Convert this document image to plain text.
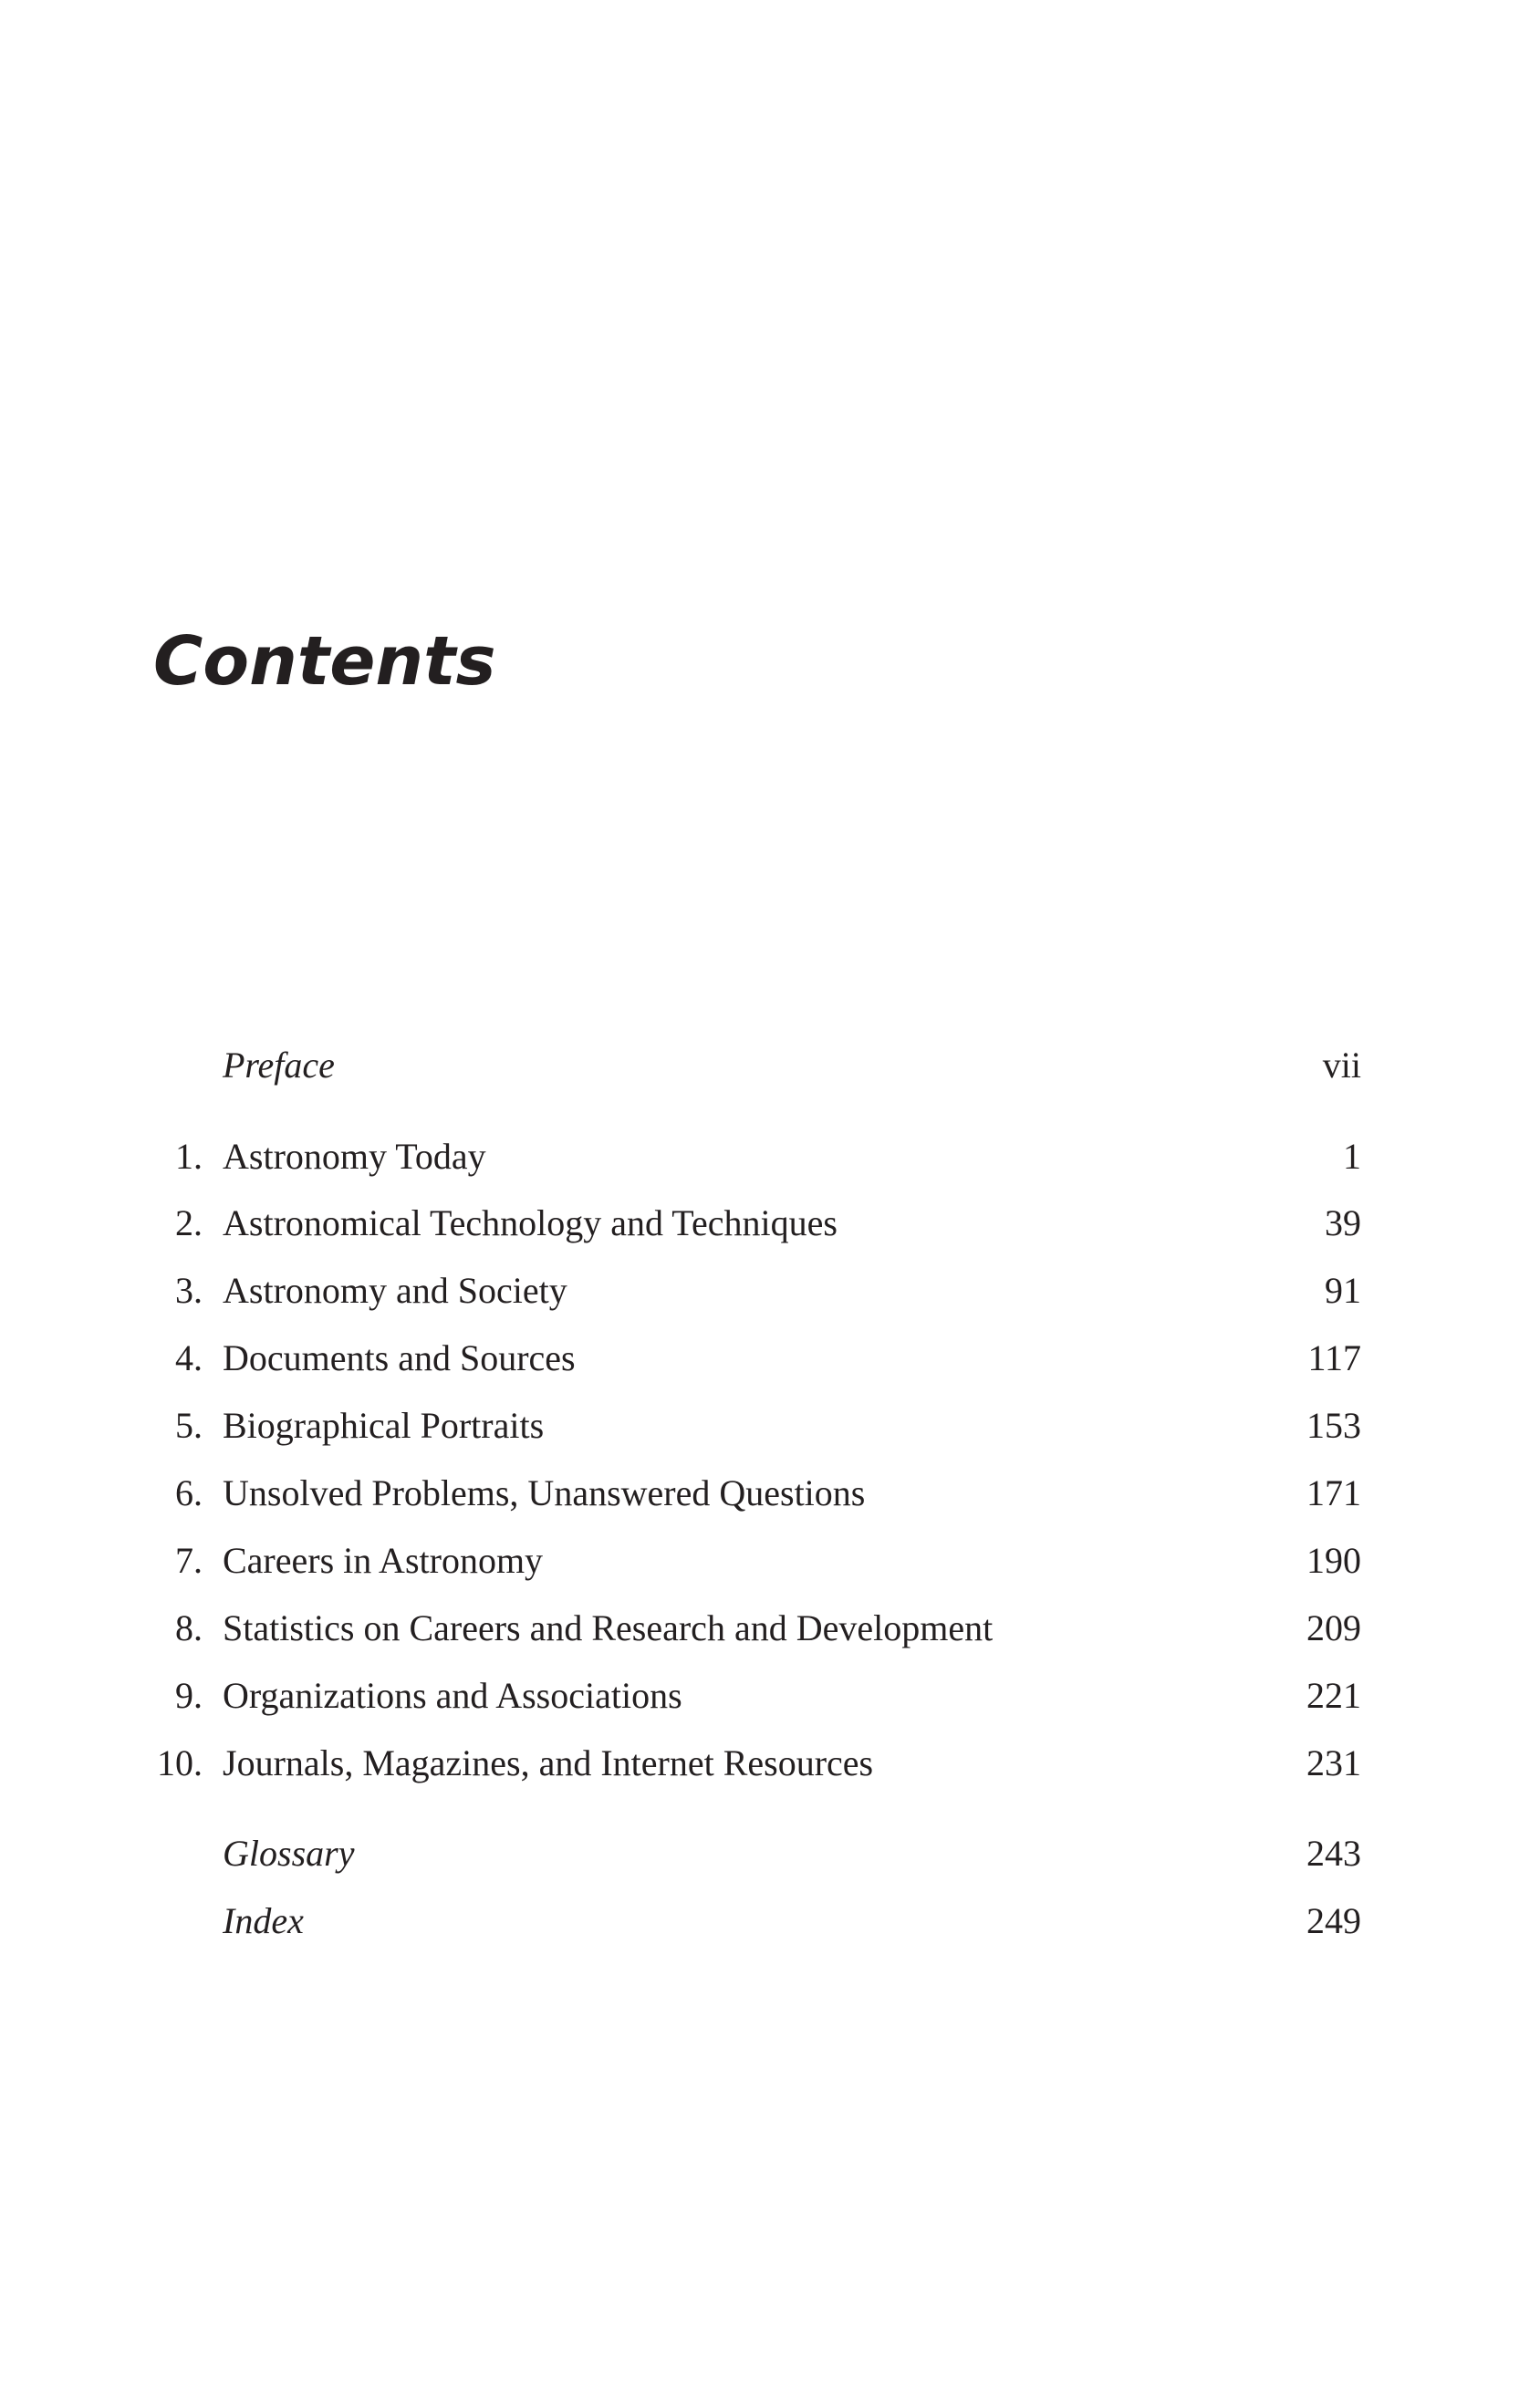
Contents
Preface	vii
1. Astronomy Today	1
2. Astronomical Technology and Techniques	39
3. Astronomy and Society	91
4. Documents and Sources	117
5. Biographical Portraits	153
6. Unsolved Problems, Unanswered Questions	171
7. Careers in Astronomy	190
8. Statistics on Careers and Research and Development	209
9. Organizations and Associations	221
10. Journals, Magazines, and Internet Resources	231
Glossary	243
Index	249
